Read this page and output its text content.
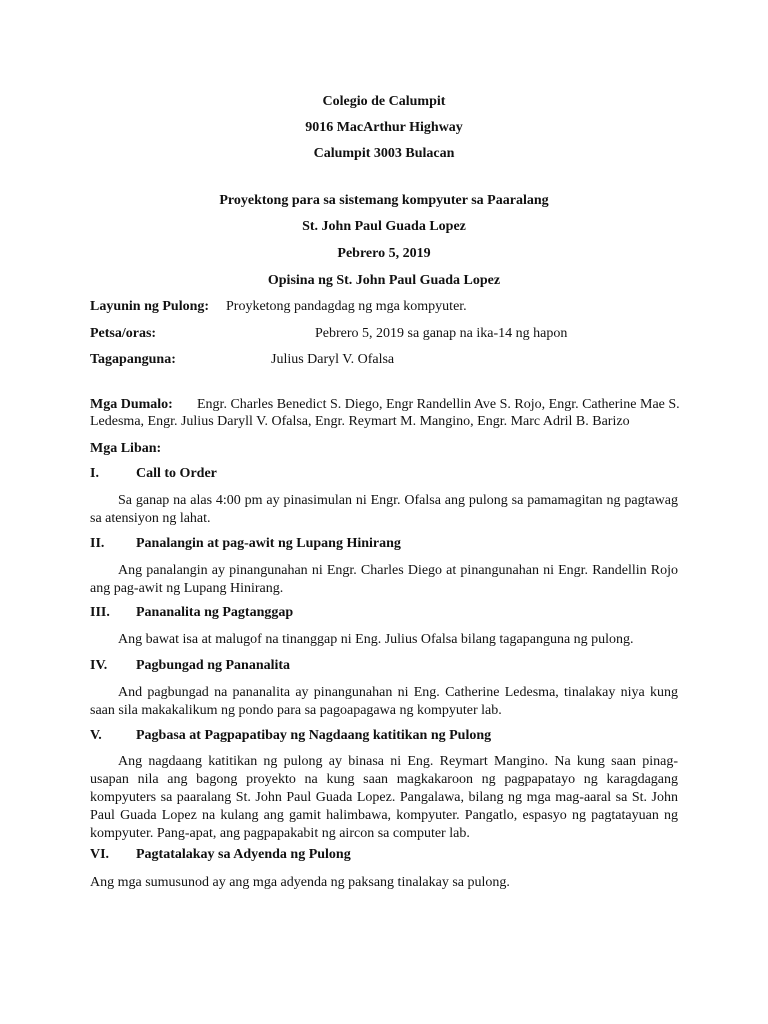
Colegio de Calumpit
9016 MacArthur Highway
Calumpit 3003 Bulacan
Proyektong para sa sistemang kompyuter sa Paaralang
St. John Paul Guada Lopez
Pebrero 5, 2019
Opisina ng St. John Paul Guada Lopez
Layunin ng Pulong: Proyketong pandagdag ng mga kompyuter.
Petsa/oras:	Pebrero 5, 2019 sa ganap na ika-14 ng hapon
Tagapanguna:	Julius Daryl V. Ofalsa
Mga Dumalo: Engr. Charles Benedict S. Diego, Engr Randellin Ave S. Rojo, Engr. Catherine Mae S.
Ledesma, Engr. Julius Daryll V. Ofalsa, Engr. Reymart M. Mangino, Engr. Marc Adril B. Barizo
Mga Liban:
I.	Call to Order
Sa ganap na alas 4:00 pm ay pinasimulan ni Engr. Ofalsa ang pulong sa pamamagitan ng pagtawag sa atensiyon ng lahat.
II. Panalangin at pag-awit ng Lupang Hinirang
Ang panalangin ay pinangunahan ni Engr. Charles Diego at pinangunahan ni Engr. Randellin Rojo ang pag-awit ng Lupang Hinirang.
III. Pananalita ng Pagtanggap
Ang bawat isa at malugof na tinanggap ni Eng. Julius Ofalsa bilang tagapanguna ng pulong.
IV. Pagbungad ng Pananalita
And pagbungad na pananalita ay pinangunahan ni Eng. Catherine Ledesma, tinalakay niya kung saan sila makakalikum ng pondo para sa pagoapagawa ng kompyuter lab.
V. Pagbasa at Pagpapatibay ng Nagdaang katitikan ng Pulong
Ang nagdaang katitikan ng pulong ay binasa ni Eng. Reymart Mangino. Na kung saan pinag-usapan nila ang bagong proyekto na kung saan magkakaroon ng pagpapatayo ng karagdagang kompyuters sa paaralang St. John Paul Guada Lopez. Pangalawa, bilang ng mga mag-aaral sa St. John Paul Guada Lopez na kulang ang gamit halimbawa, kompyuter. Pangatlo, espasyo ng pagtatayuan ng kompyuter. Pang-apat, ang pagpapakabit ng aircon sa computer lab.
VI. Pagtatalakay sa Adyenda ng Pulong
Ang mga sumusunod ay ang mga adyenda ng paksang tinalakay sa pulong.
